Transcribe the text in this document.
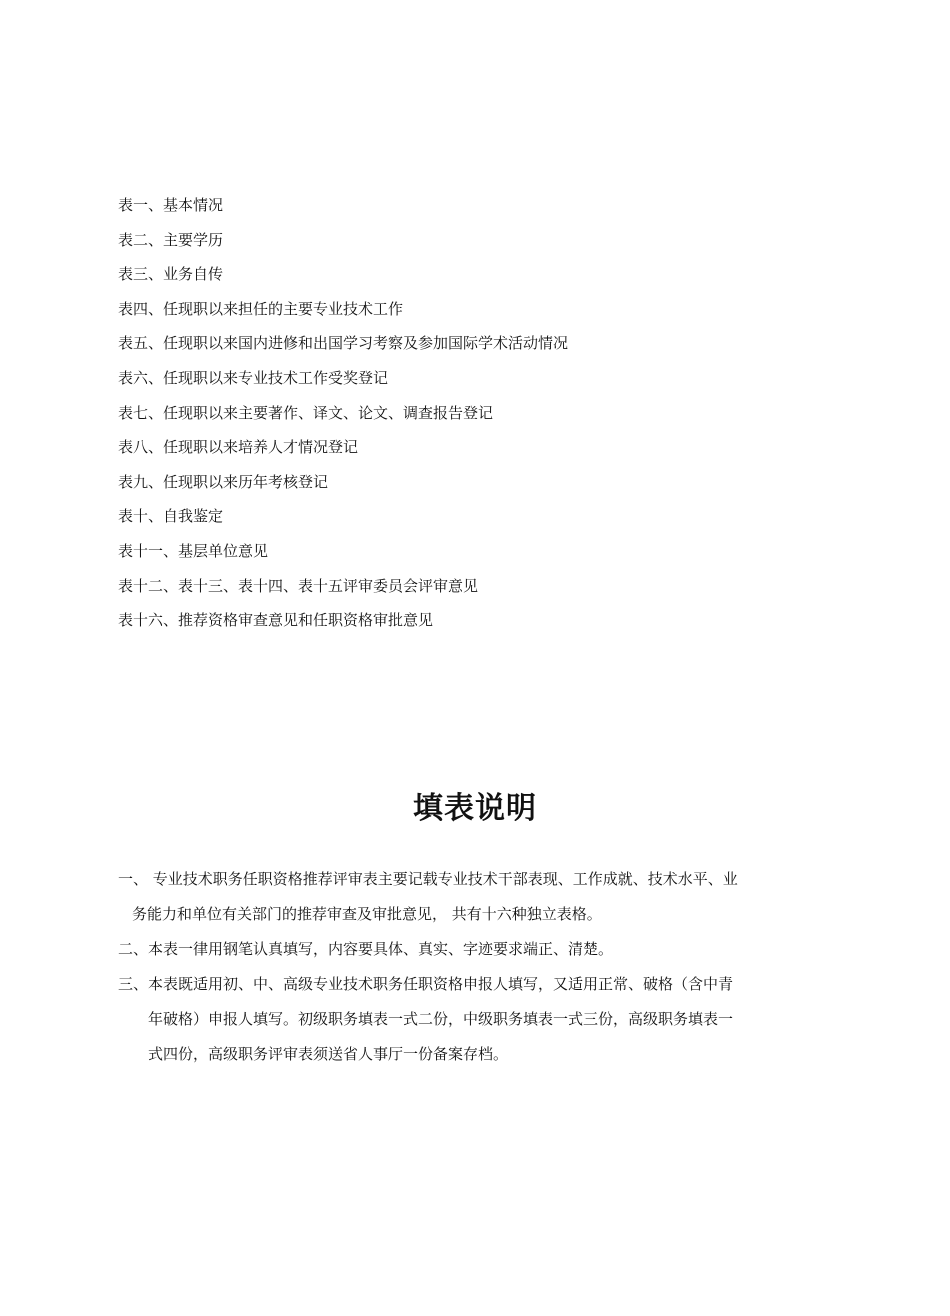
表一、基本情况
表二、主要学历
表三、业务自传
表四、任现职以来担任的主要专业技术工作
表五、任现职以来国内进修和出国学习考察及参加国际学术活动情况
表六、任现职以来专业技术工作受奖登记
表七、任现职以来主要著作、译文、论文、调查报告登记
表八、任现职以来培养人才情况登记
表九、任现职以来历年考核登记
表十、自我鉴定
表十一、基层单位意见
表十二、表十三、表十四、表十五评审委员会评审意见
表十六、推荐资格审查意见和任职资格审批意见
填表说明

一、 专业技术职务任职资格推荐评审表主要记载专业技术干部表现、工作成就、技术水平、业
务能力和单位有关部门的推荐审查及审批意见， 共有十六种独立表格。

二、本表一律用钢笔认真填写，内容要具体、真实、字迹要求端正、清楚。

三、本表既适用初、中、高级专业技术职务任职资格申报人填写，又适用正常、破格（含中青
年破格）申报人填写。初级职务填表一式二份，中级职务填表一式三份，高级职务填表一
式四份，高级职务评审表须送省人事厅一份备案存档。
